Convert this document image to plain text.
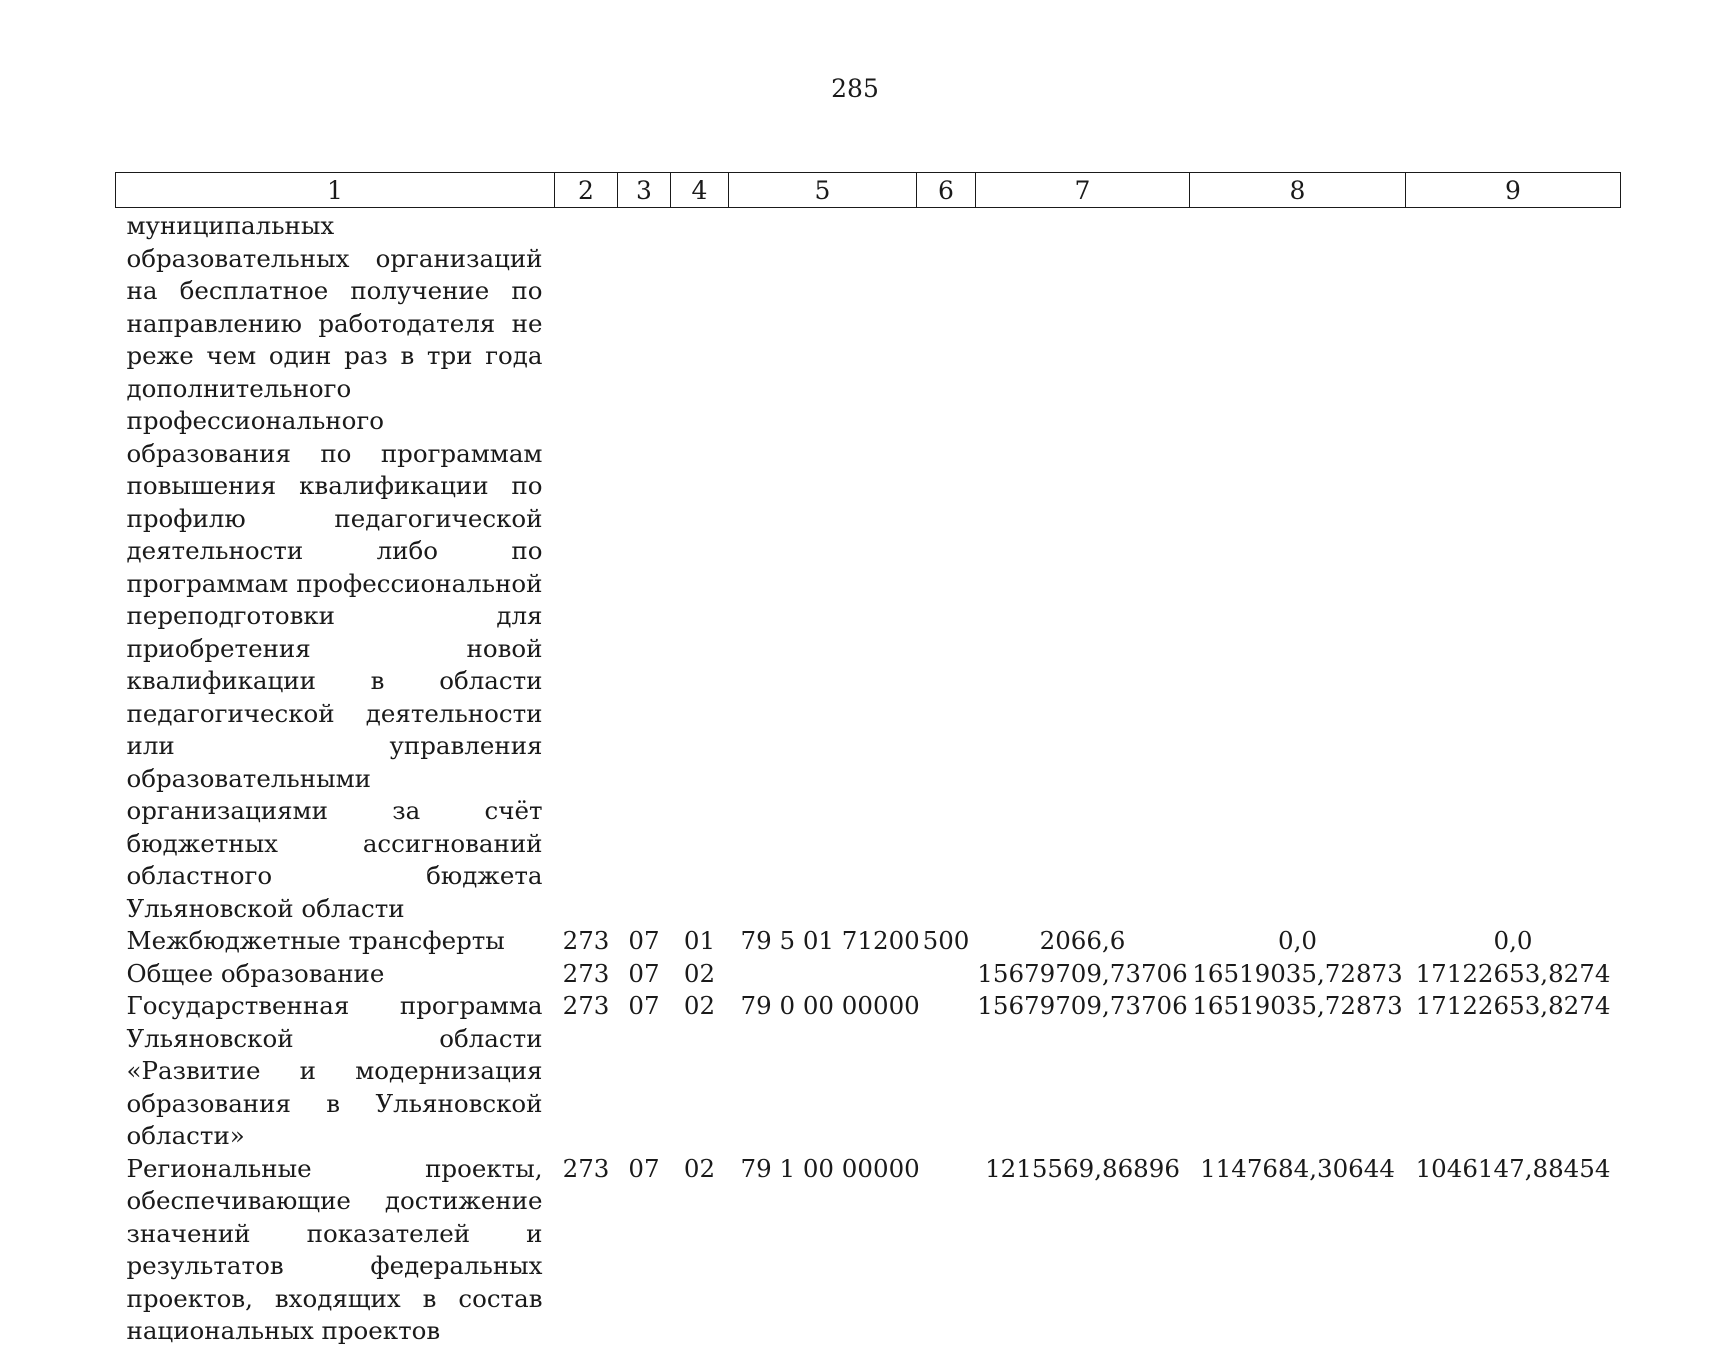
285
1	2	3	4	5	6	7	8	9
муниципальных образовательных организаций на бесплатное получение по направлению работодателя не реже чем один раз в три года дополнительного профессионального образования по программам повышения квалификации по профилю педагогической деятельности либо по программам профессиональной переподготовки для приобретения новой квалификации в области педагогической деятельности или управления образовательными организациями за счёт бюджетных ассигнований областного бюджета Ульяновской области								
Межбюджетные трансферты	273	07	01	79 5 01 71200	500	2066,6	0,0	0,0
Общее образование	273	07	02			15679709,73706	16519035,72873	17122653,8274
Государственная программа Ульяновской области «Развитие и модернизация образования в Ульяновской области»	273	07	02	79 0 00 00000		15679709,73706	16519035,72873	17122653,8274
Региональные проекты, обеспечивающие достижение значений показателей и результатов федеральных проектов, входящих в состав национальных проектов	273	07	02	79 1 00 00000		1215569,86896	1147684,30644	1046147,88454
